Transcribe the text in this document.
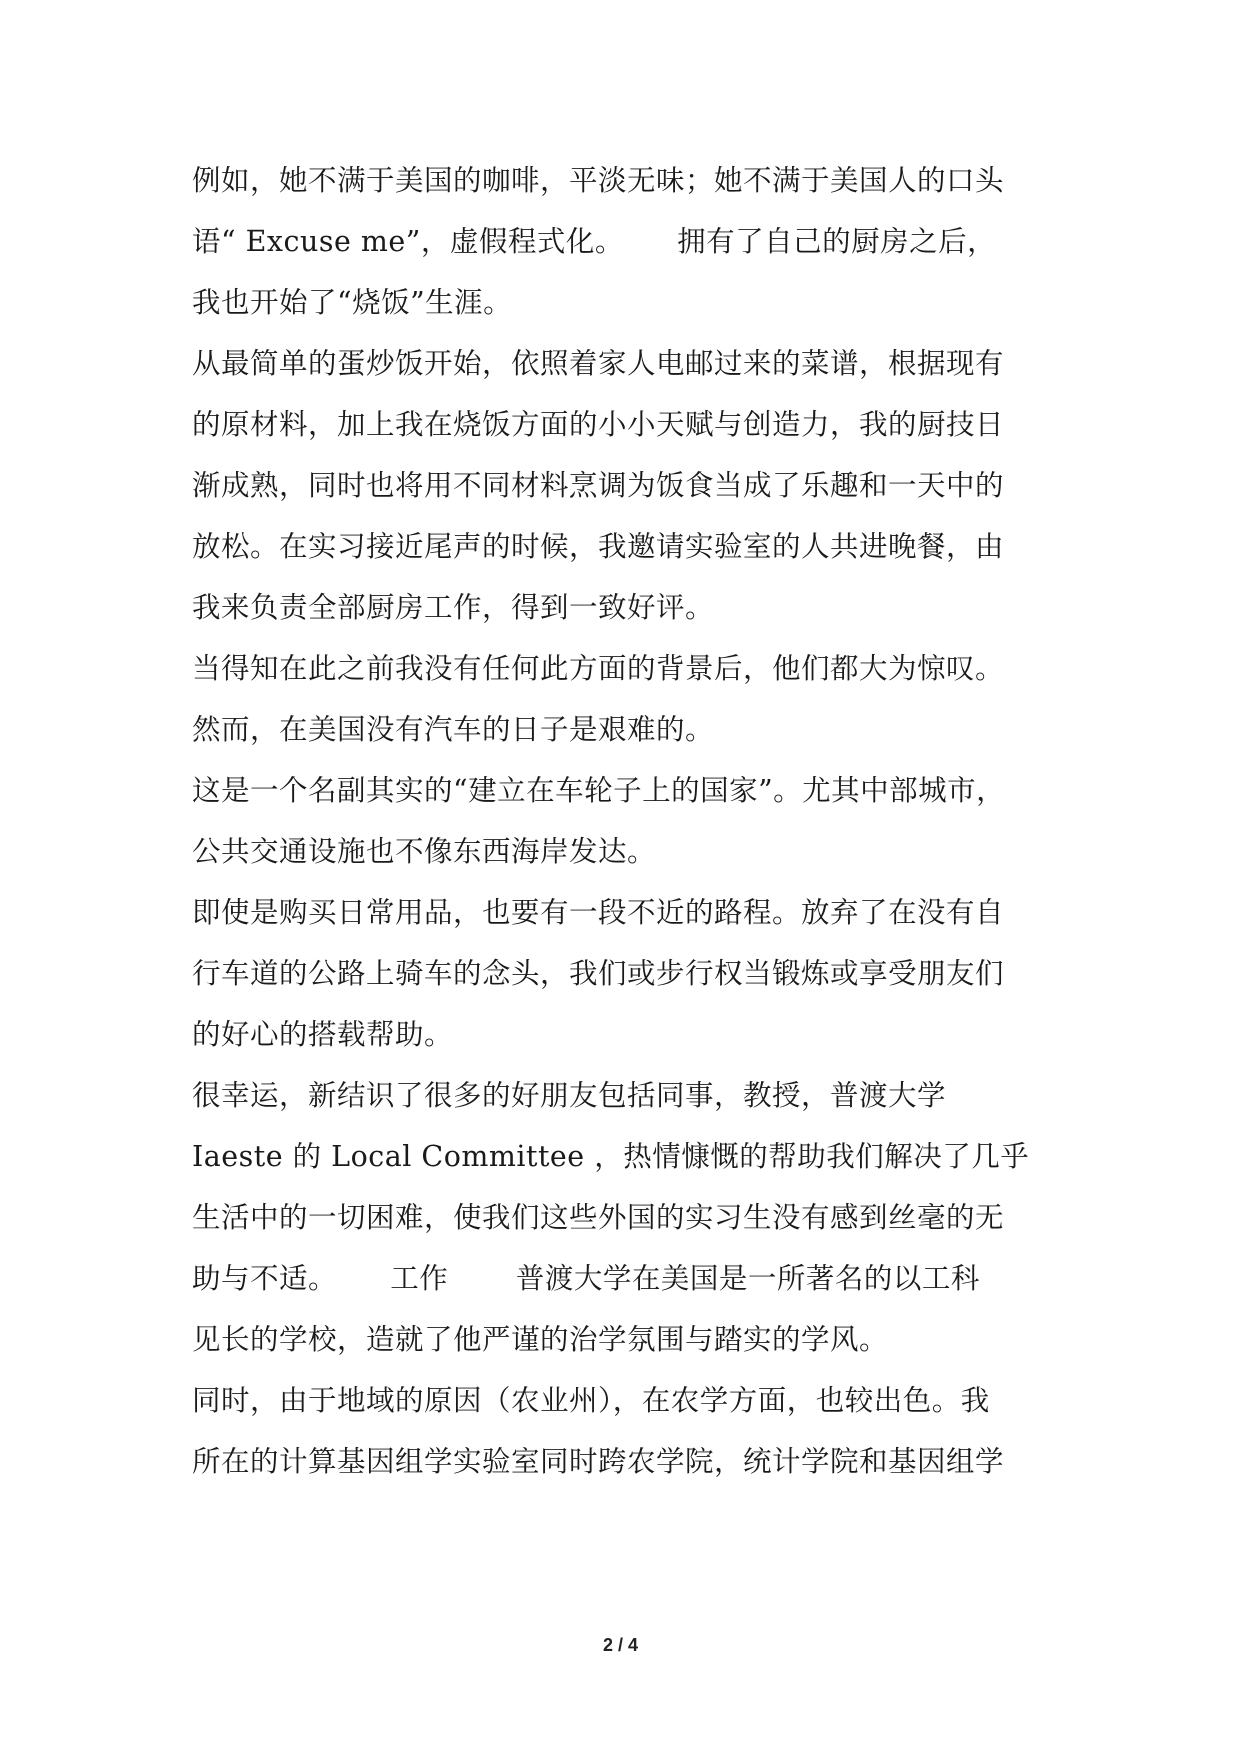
例如，她不满于美国的咖啡，平淡无味；她不满于美国人的口头
语“ Excuse me”，虚假程式化。　　 拥有了自己的厨房之后，
我也开始了“烧饭”生涯。
从最简单的蛋炒饭开始，依照着家人电邮过来的菜谱，根据现有
的原材料，加上我在烧饭方面的小小天赋与创造力，我的厨技日
渐成熟，同时也将用不同材料烹调为饭食当成了乐趣和一天中的
放松。在实习接近尾声的时候，我邀请实验室的人共进晚餐，由
我来负责全部厨房工作，得到一致好评。
当得知在此之前我没有任何此方面的背景后，他们都大为惊叹。
然而，在美国没有汽车的日子是艰难的。
这是一个名副其实的“建立在车轮子上的国家”。尤其中部城市，
公共交通设施也不像东西海岸发达。
即使是购买日常用品，也要有一段不近的路程。放弃了在没有自
行车道的公路上骑车的念头，我们或步行权当锻炼或享受朋友们
的好心的搭载帮助。
很幸运，新结识了很多的好朋友包括同事，教授，普渡大学
Iaeste 的 Local Committee ，热情慷慨的帮助我们解决了几乎
生活中的一切困难，使我们这些外国的实习生没有感到丝毫的无
助与不适。　　 工作　　 普渡大学在美国是一所著名的以工科
见长的学校，造就了他严谨的治学氛围与踏实的学风。
同时，由于地域的原因（农业州），在农学方面，也较出色。我
所在的计算基因组学实验室同时跨农学院，统计学院和基因组学
2 / 4
